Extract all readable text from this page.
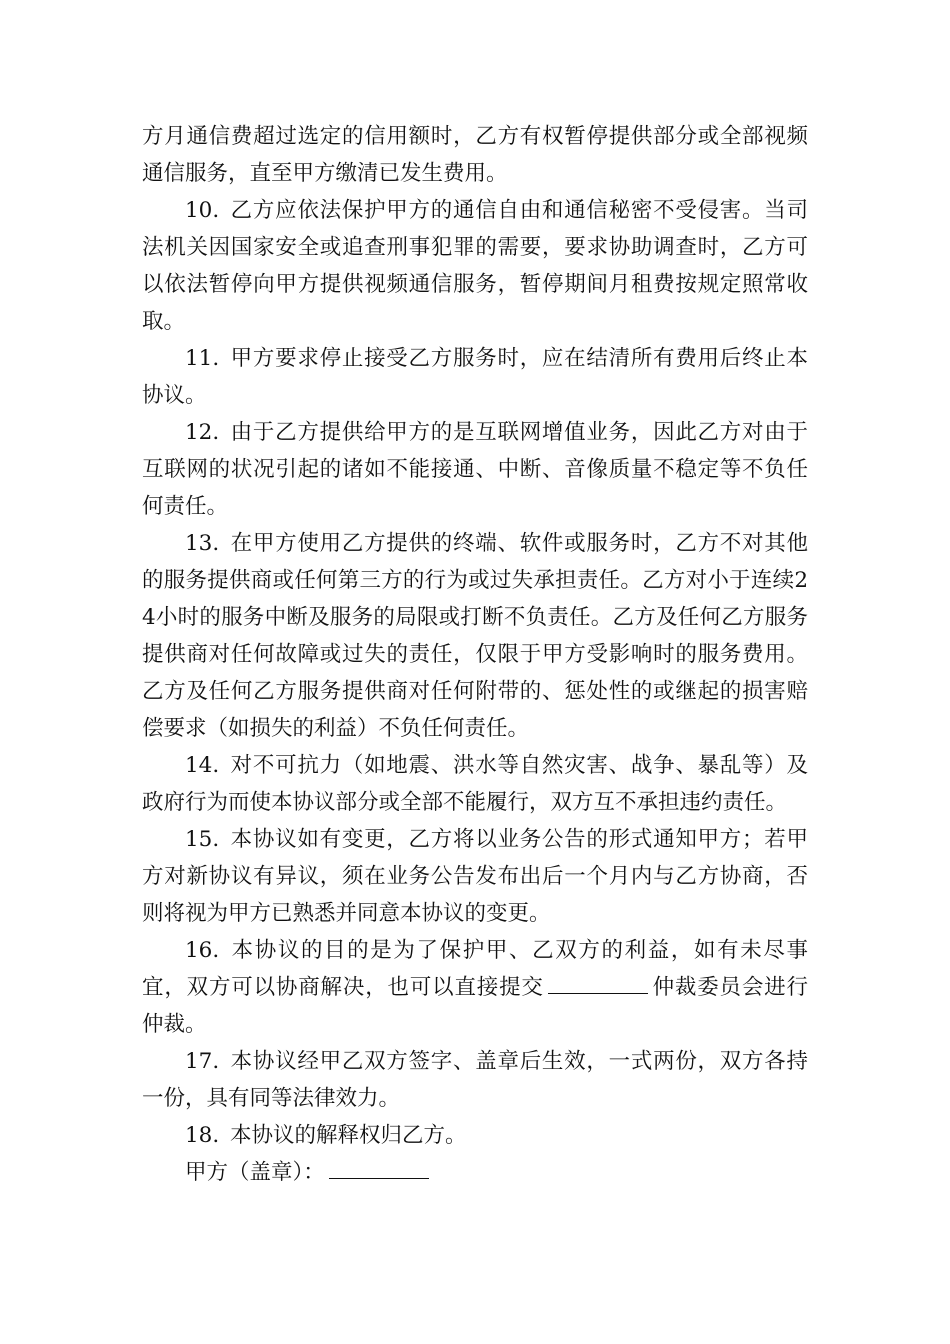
方月通信费超过选定的信用额时，乙方有权暂停提供部分或全部视频通信服务，直至甲方缴清已发生费用。

10. 乙方应依法保护甲方的通信自由和通信秘密不受侵害。当司法机关因国家安全或追查刑事犯罪的需要，要求协助调查时，乙方可以依法暂停向甲方提供视频通信服务，暂停期间月租费按规定照常收取。

11. 甲方要求停止接受乙方服务时，应在结清所有费用后终止本协议。

12. 由于乙方提供给甲方的是互联网增值业务，因此乙方对由于互联网的状况引起的诸如不能接通、中断、音像质量不稳定等不负任何责任。

13. 在甲方使用乙方提供的终端、软件或服务时，乙方不对其他的服务提供商或任何第三方的行为或过失承担责任。乙方对小于连续24小时的服务中断及服务的局限或打断不负责任。乙方及任何乙方服务提供商对任何故障或过失的责任，仅限于甲方受影响时的服务费用。乙方及任何乙方服务提供商对任何附带的、惩处性的或继起的损害赔偿要求（如损失的利益）不负任何责任。

14. 对不可抗力（如地震、洪水等自然灾害、战争、暴乱等）及政府行为而使本协议部分或全部不能履行，双方互不承担违约责任。

15. 本协议如有变更，乙方将以业务公告的形式通知甲方；若甲方对新协议有异议，须在业务公告发布出后一个月内与乙方协商，否则将视为甲方已熟悉并同意本协议的变更。

16. 本协议的目的是为了保护甲、乙双方的利益，如有未尽事宜，双方可以协商解决，也可以直接提交	仲裁委员会进行仲裁。

17. 本协议经甲乙双方签字、盖章后生效，一式两份，双方各持一份，具有同等法律效力。

18. 本协议的解释权归乙方。

甲方（盖章）：
